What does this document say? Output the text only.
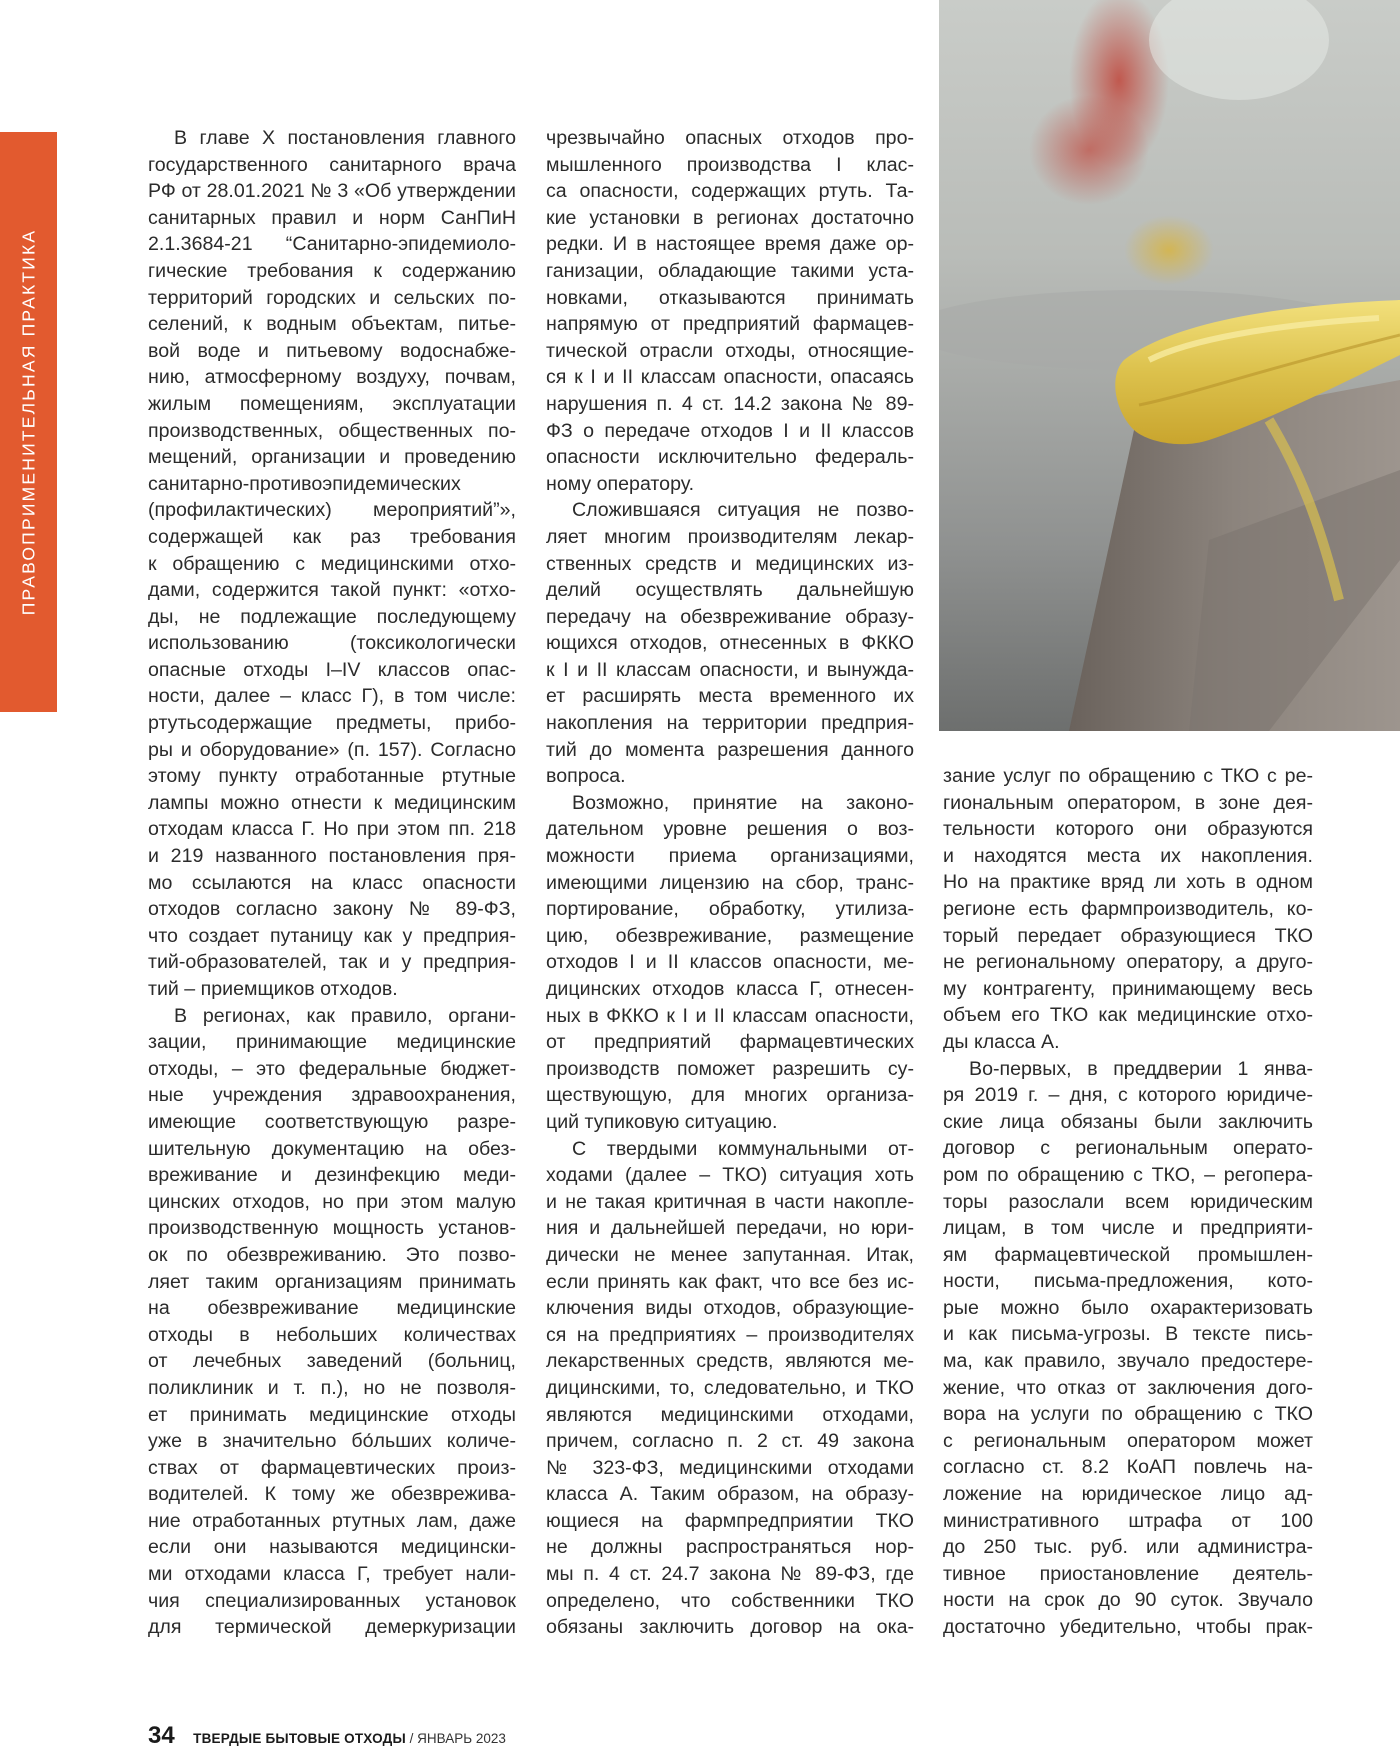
ПРАВОПРИМЕНИТЕЛЬНАЯ ПРАКТИКА
В главе X постановления главного
государственного санитарного врача
РФ от 28.01.2021 № 3 «Об утверждении
санитарных правил и норм СанПиН
2.1.3684-21 “Санитарно-эпидемиоло-
гические требования к содержанию
территорий городских и сельских по-
селений, к водным объектам, питье-
вой воде и питьевому водоснабже-
нию, атмосферному воздуху, почвам,
жилым помещениям, эксплуатации
производственных, общественных по-
мещений, организации и проведению
санитарно-противоэпидемических
(профилактических) мероприятий”»,
содержащей как раз требования
к обращению с медицинскими отхо-
дами, содержится такой пункт: «отхо-
ды, не подлежащие последующему
использованию (токсикологически
опасные отходы I–IV классов опас-
ности, далее – класс Г), в том числе:
ртутьсодержащие предметы, прибо-
ры и оборудование» (п. 157). Согласно
этому пункту отработанные ртутные
лампы можно отнести к медицинским
отходам класса Г. Но при этом пп. 218
и 219 названного постановления пря-
мо ссылаются на класс опасности
отходов согласно закону № 89-ФЗ,
что создает путаницу как у предприя-
тий-образователей, так и у предприя-
тий – приемщиков отходов.
В регионах, как правило, органи-
зации, принимающие медицинские
отходы, – это федеральные бюджет-
ные учреждения здравоохранения,
имеющие соответствующую разре-
шительную документацию на обез-
вреживание и дезинфекцию меди-
цинских отходов, но при этом малую
производственную мощность установ-
ок по обезвреживанию. Это позво-
ляет таким организациям принимать
на обезвреживание медицинские
отходы в небольших количествах
от лечебных заведений (больниц,
поликлиник и т. п.), но не позволя-
ет принимать медицинские отходы
уже в значительно бо́льших количе-
ствах от фармацевтических произ-
водителей. К тому же обезврежива-
ние отработанных ртутных лам, даже
если они называются медицински-
ми отходами класса Г, требует нали-
чия специализированных установок
для термической демеркуризации
чрезвычайно опасных отходов про-
мышленного производства I клас-
са опасности, содержащих ртуть. Та-
кие установки в регионах достаточно
редки. И в настоящее время даже ор-
ганизации, обладающие такими уста-
новками, отказываются принимать
напрямую от предприятий фармацев-
тической отрасли отходы, относящие-
ся к I и II классам опасности, опасаясь
нарушения п. 4 ст. 14.2 закона № 89-
ФЗ о передаче отходов I и II классов
опасности исключительно федераль-
ному оператору.
Сложившаяся ситуация не позво-
ляет многим производителям лекар-
ственных средств и медицинских из-
делий осуществлять дальнейшую
передачу на обезвреживание образу-
ющихся отходов, отнесенных в ФККО
к I и II классам опасности, и вынужда-
ет расширять места временного их
накопления на территории предприя-
тий до момента разрешения данного
вопроса.
Возможно, принятие на законо-
дательном уровне решения о воз-
можности приема организациями,
имеющими лицензию на сбор, транс-
портирование, обработку, утилиза-
цию, обезвреживание, размещение
отходов I и II классов опасности, ме-
дицинских отходов класса Г, отнесен-
ных в ФККО к I и II классам опасности,
от предприятий фармацевтических
производств поможет разрешить су-
ществующую, для многих организа-
ций тупиковую ситуацию.
С твердыми коммунальными от-
ходами (далее – ТКО) ситуация хоть
и не такая критичная в части накопле-
ния и дальнейшей передачи, но юри-
дически не менее запутанная. Итак,
если принять как факт, что все без ис-
ключения виды отходов, образующие-
ся на предприятиях – производителях
лекарственных средств, являются ме-
дицинскими, то, следовательно, и ТКО
являются медицинскими отходами,
причем, согласно п. 2 ст. 49 закона
№ 323-ФЗ, медицинскими отходами
класса А. Таким образом, на образу-
ющиеся на фармпредприятии ТКО
не должны распространяться нор-
мы п. 4 ст. 24.7 закона № 89-ФЗ, где
определено, что собственники ТКО
обязаны заключить договор на ока-
зание услуг по обращению с ТКО с ре-
гиональным оператором, в зоне дея-
тельности которого они образуются
и находятся места их накопления.
Но на практике вряд ли хоть в одном
регионе есть фармпроизводитель, ко-
торый передает образующиеся ТКО
не региональному оператору, а друго-
му контрагенту, принимающему весь
объем его ТКО как медицинские отхо-
ды класса А.
Во-первых, в преддверии 1 янва-
ря 2019 г. – дня, с которого юридиче-
ские лица обязаны были заключить
договор с региональным операто-
ром по обращению с ТКО, – регопера-
торы разослали всем юридическим
лицам, в том числе и предприяти-
ям фармацевтической промышлен-
ности, письма-предложения, кото-
рые можно было охарактеризовать
и как письма-угрозы. В тексте пись-
ма, как правило, звучало предостере-
жение, что отказ от заключения дого-
вора на услуги по обращению с ТКО
с региональным оператором может
согласно ст. 8.2 КоАП повлечь на-
ложение на юридическое лицо ад-
министративного штрафа от 100
до 250 тыс. руб. или администра-
тивное приостановление деятель-
ности на срок до 90 суток. Звучало
достаточно убедительно, чтобы прак-
34 ТВЕРДЫЕ БЫТОВЫЕ ОТХОДЫ / ЯНВАРЬ 2023
